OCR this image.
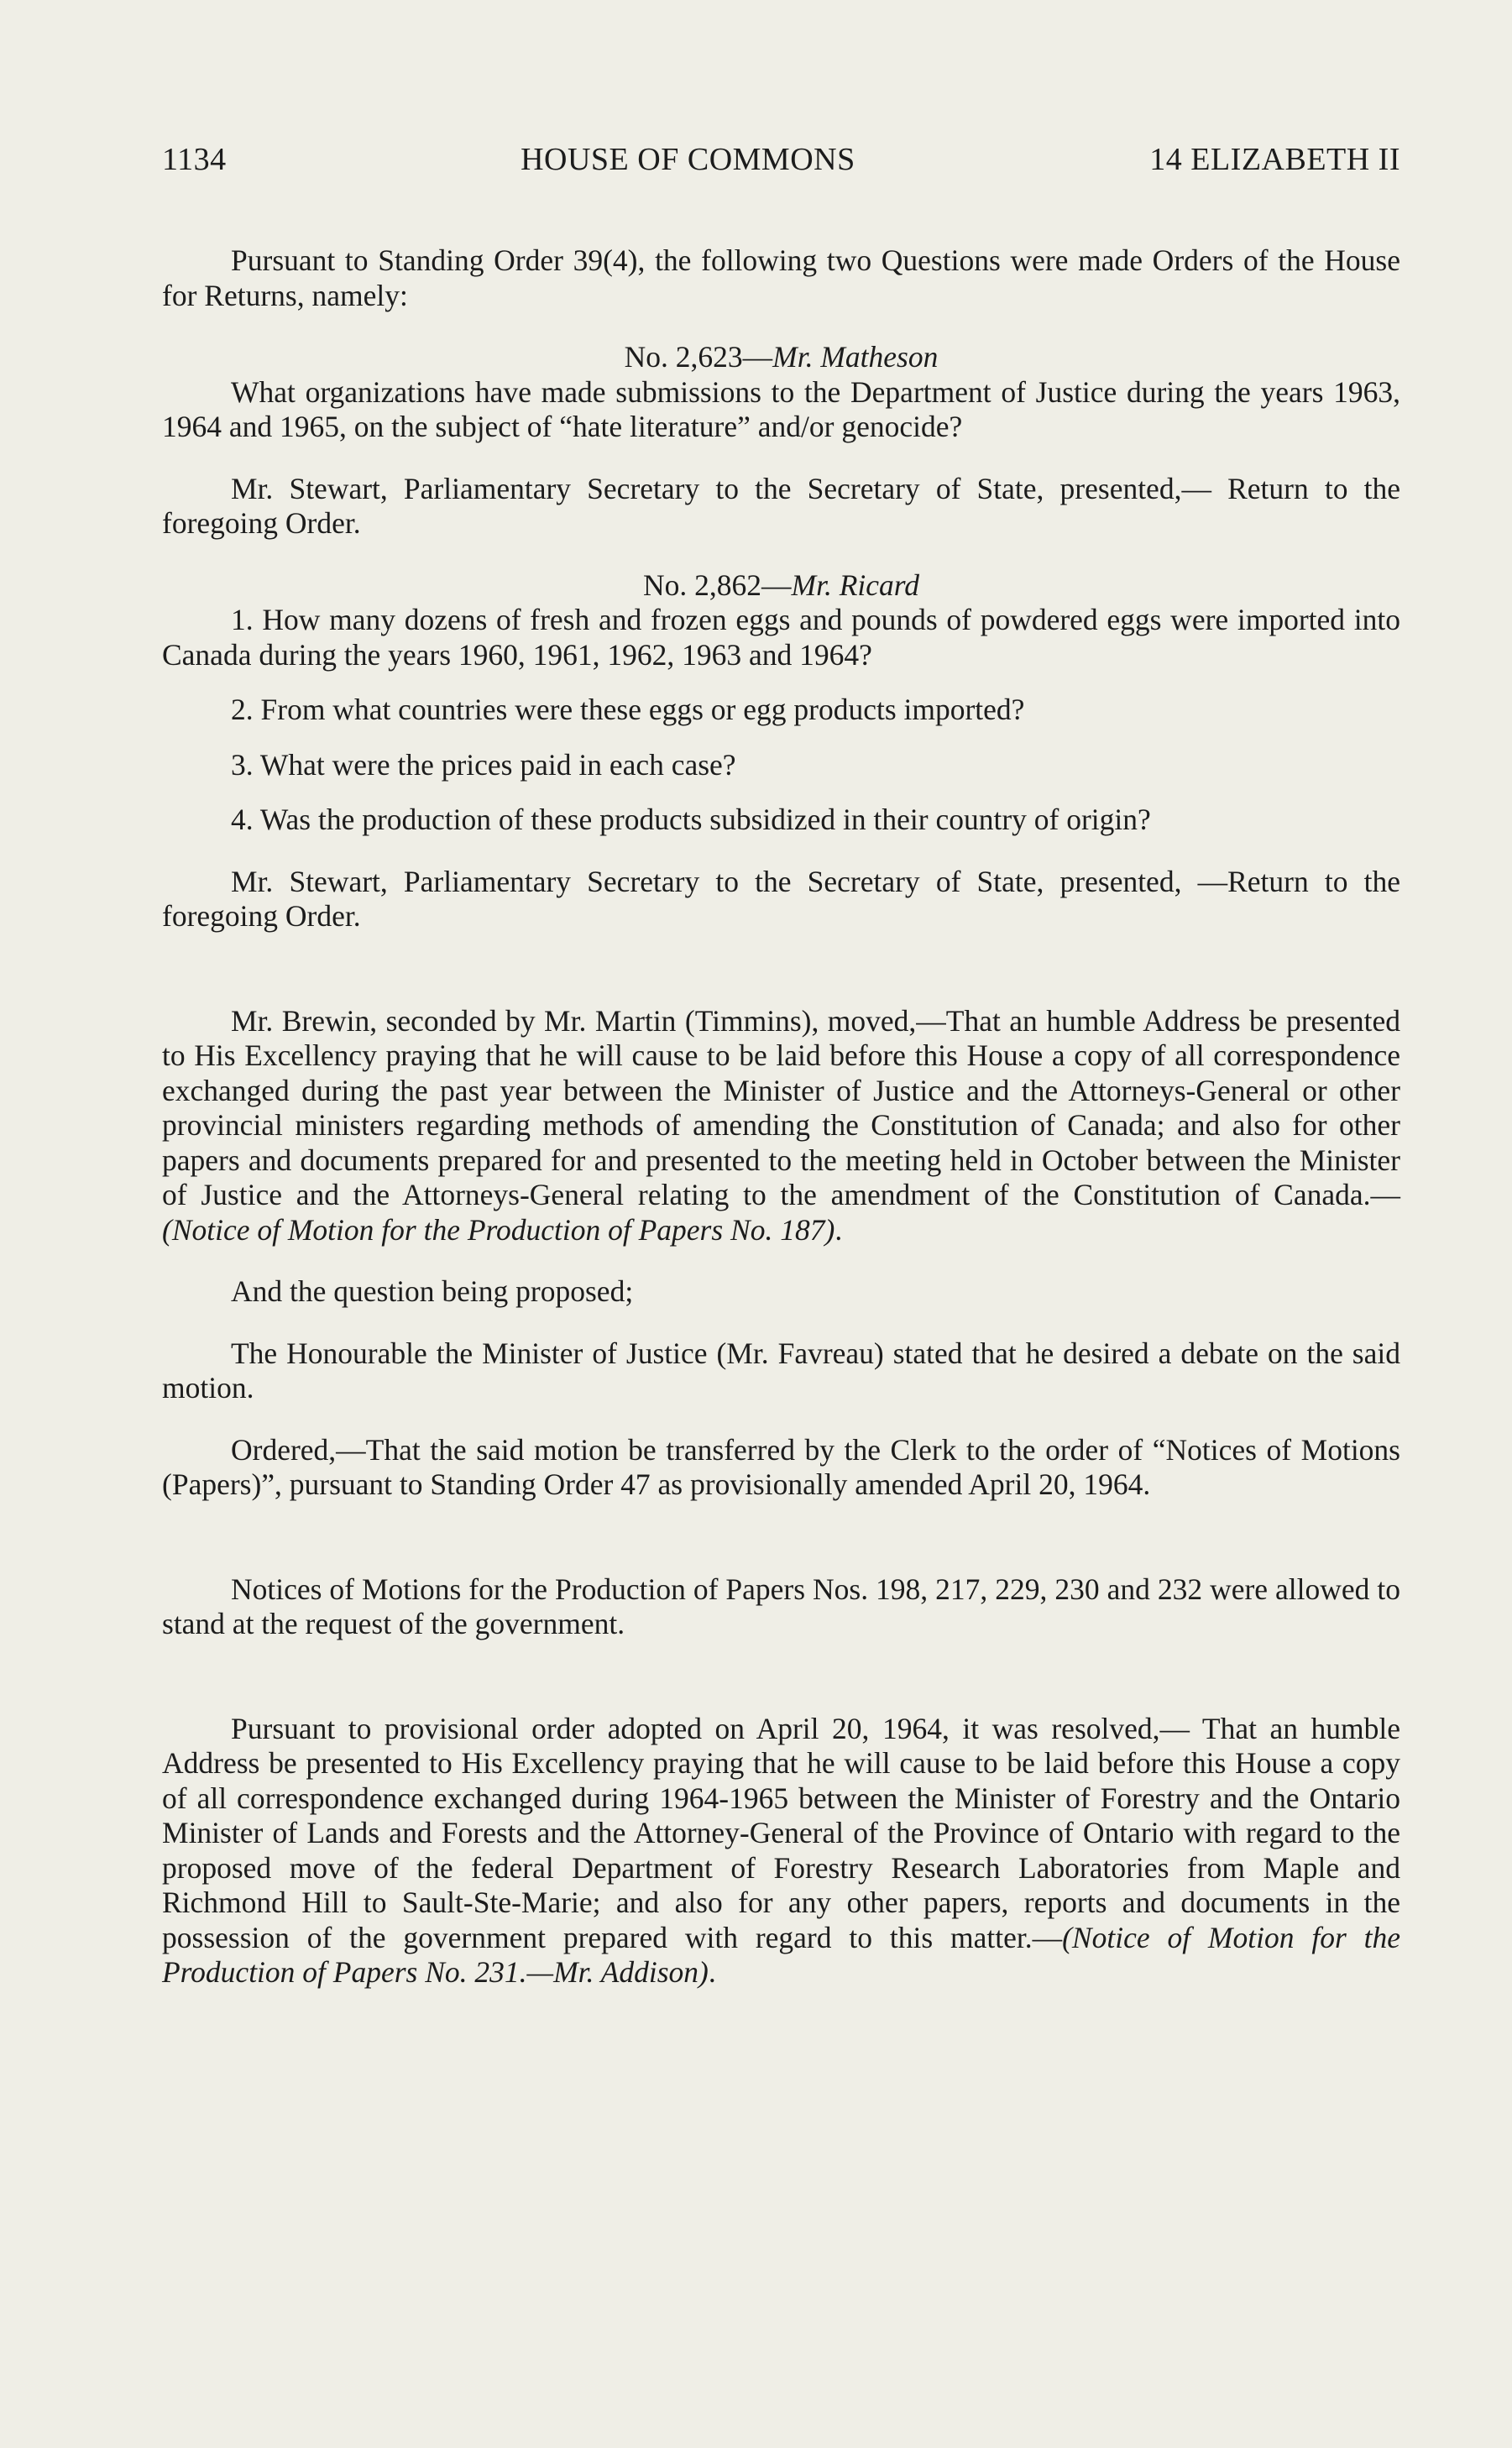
1134	HOUSE OF COMMONS	14 ELIZABETH II

Pursuant to Standing Order 39(4), the following two Questions were made Orders of the House for Returns, namely:

No. 2,623—Mr. Matheson

What organizations have made submissions to the Department of Justice during the years 1963, 1964 and 1965, on the subject of “hate literature” and/or genocide?

Mr. Stewart, Parliamentary Secretary to the Secretary of State, presented,— Return to the foregoing Order.

No. 2,862—Mr. Ricard

1. How many dozens of fresh and frozen eggs and pounds of powdered eggs were imported into Canada during the years 1960, 1961, 1962, 1963 and 1964?

2. From what countries were these eggs or egg products imported?

3. What were the prices paid in each case?

4. Was the production of these products subsidized in their country of origin?

Mr. Stewart, Parliamentary Secretary to the Secretary of State, presented, —Return to the foregoing Order.

Mr. Brewin, seconded by Mr. Martin (Timmins), moved,—That an humble Address be presented to His Excellency praying that he will cause to be laid before this House a copy of all correspondence exchanged during the past year between the Minister of Justice and the Attorneys-General or other provincial ministers regarding methods of amending the Constitution of Canada; and also for other papers and documents prepared for and presented to the meeting held in October between the Minister of Justice and the Attorneys-General relating to the amendment of the Constitution of Canada.—(Notice of Motion for the Production of Papers No. 187).

And the question being proposed;

The Honourable the Minister of Justice (Mr. Favreau) stated that he desired a debate on the said motion.

Ordered,—That the said motion be transferred by the Clerk to the order of “Notices of Motions (Papers)”, pursuant to Standing Order 47 as provisionally amended April 20, 1964.

Notices of Motions for the Production of Papers Nos. 198, 217, 229, 230 and 232 were allowed to stand at the request of the government.

Pursuant to provisional order adopted on April 20, 1964, it was resolved,— That an humble Address be presented to His Excellency praying that he will cause to be laid before this House a copy of all correspondence exchanged during 1964-1965 between the Minister of Forestry and the Ontario Minister of Lands and Forests and the Attorney-General of the Province of Ontario with regard to the proposed move of the federal Department of Forestry Research Laboratories from Maple and Richmond Hill to Sault-Ste-Marie; and also for any other papers, reports and documents in the possession of the government prepared with regard to this matter.—(Notice of Motion for the Production of Papers No. 231.—Mr. Addison).
